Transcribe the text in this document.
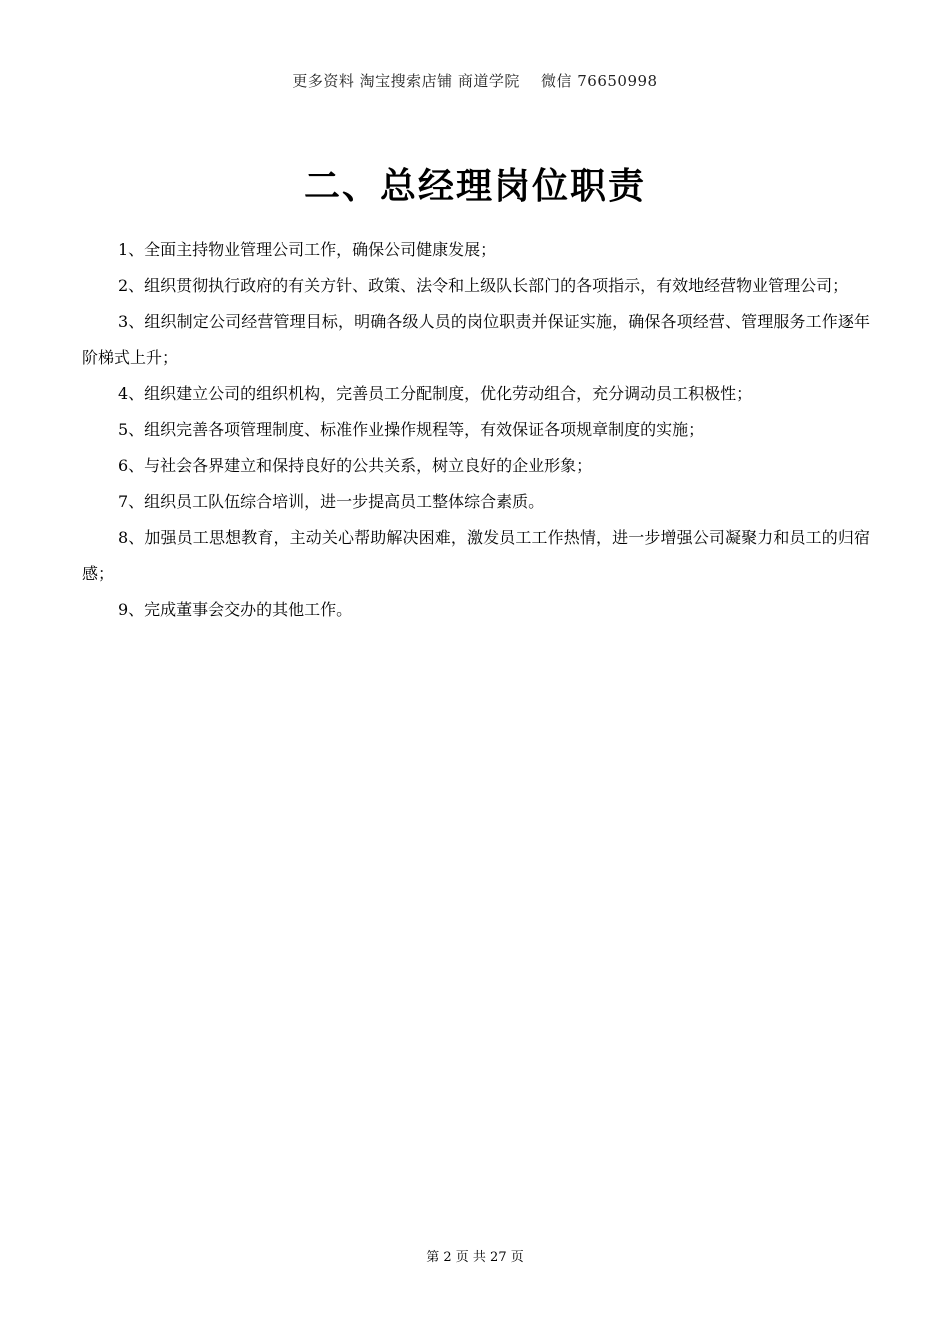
更多资料 淘宝搜索店铺 商道学院    微信 76650998
二、总经理岗位职责

1、全面主持物业管理公司工作，确保公司健康发展；

2、组织贯彻执行政府的有关方针、政策、法令和上级队长部门的各项指示，有效地经营物业管理公司；

3、组织制定公司经营管理目标，明确各级人员的岗位职责并保证实施，确保各项经营、管理服务工作逐年阶梯式上升；

4、组织建立公司的组织机构，完善员工分配制度，优化劳动组合，充分调动员工积极性；

5、组织完善各项管理制度、标准作业操作规程等，有效保证各项规章制度的实施；

6、与社会各界建立和保持良好的公共关系，树立良好的企业形象；

7、组织员工队伍综合培训，进一步提高员工整体综合素质。

8、加强员工思想教育，主动关心帮助解决困难，激发员工工作热情，进一步增强公司凝聚力和员工的归宿感；

9、完成董事会交办的其他工作。

第 2 页 共 27 页
